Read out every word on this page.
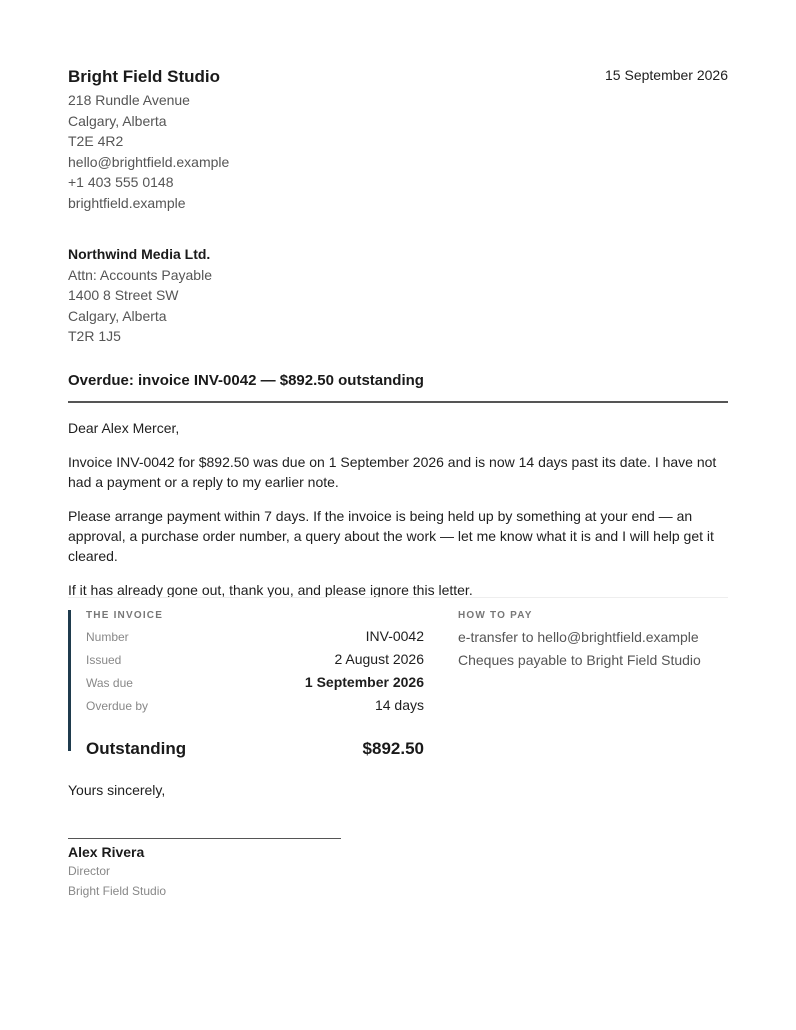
Bright Field Studio	15 September 2026
218 Rundle Avenue
Calgary, Alberta
T2E 4R2
hello@brightfield.example
+1 403 555 0148
brightfield.example
Northwind Media Ltd.
Attn: Accounts Payable
1400 8 Street SW
Calgary, Alberta
T2R 1J5
Overdue: invoice INV-0042 — $892.50 outstanding

Dear Alex Mercer,

Invoice INV-0042 for $892.50 was due on 1 September 2026 and is now 14 days past its date. I have not had a payment or a reply to my earlier note.

Please arrange payment within 7 days. If the invoice is being held up by something at your end — an approval, a purchase order number, a query about the work — let me know what it is and I will help get it cleared.

If it has already gone out, thank you, and please ignore this letter.

THE INVOICE
Number	INV-0042
Issued	2 August 2026
Was due	1 September 2026
Overdue by	14 days
Outstanding	$892.50
HOW TO PAY
e-transfer to hello@brightfield.example
Cheques payable to Bright Field Studio
Yours sincerely,
Alex Rivera
Director
Bright Field Studio
